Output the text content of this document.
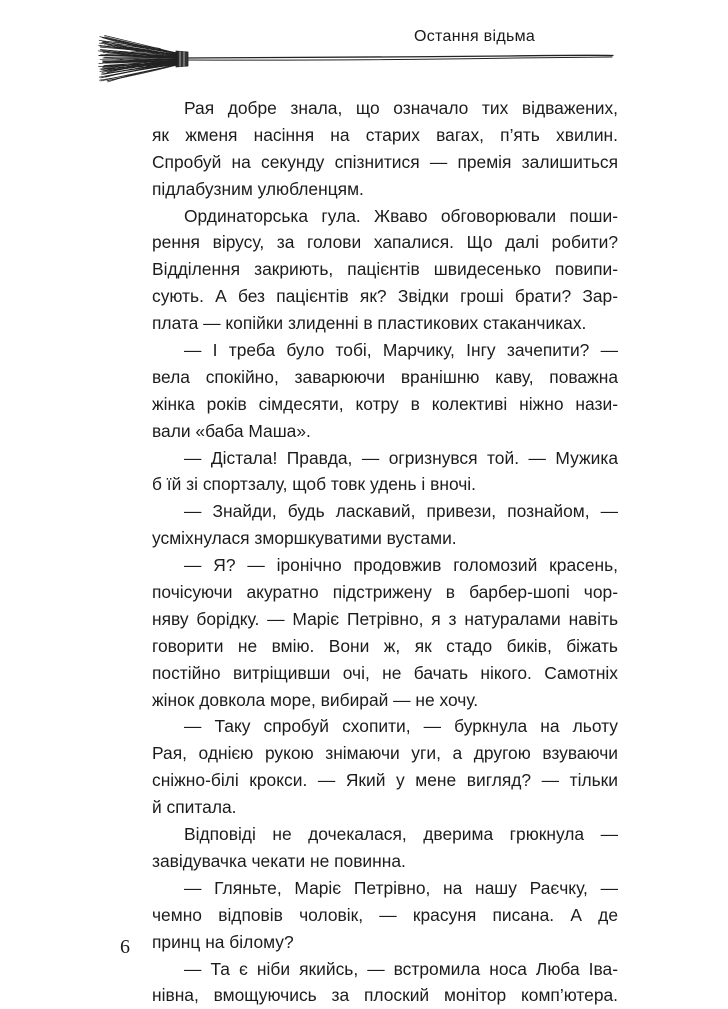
Остання відьма
Рая добре знала, що означало тих відважених,
як жменя насіння на старих вагах, п’ять хвилин.
Спробуй на секунду спізнитися — премія залишиться
підлабузним улюбленцям.
Ординаторська гула. Жваво обговорювали поши-
рення вірусу, за голови хапалися. Що далі робити?
Відділення закриють, пацієнтів швидесенько повипи-
сують. А без пацієнтів як? Звідки гроші брати? Зар-
плата — копійки злиденні в пластикових стаканчиках.
— І треба було тобі, Марчику, Інгу зачепити? —
вела спокійно, заварюючи вранішню каву, поважна
жінка років сімдесяти, котру в колективі ніжно нази-
вали «баба Маша».
— Дістала! Правда, — огризнувся той. — Мужика
б їй зі спортзалу, щоб товк удень і вночі.
— Знайди, будь ласкавий, привези, познайом, —
усміхнулася зморшкуватими вустами.
— Я? — іронічно продовжив голомозий красень,
почісуючи акуратно підстрижену в барбер-шопі чор-
няву борідку. — Маріє Петрівно, я з натуралами навіть
говорити не вмію. Вони ж, як стадо биків, біжать
постійно витріщивши очі, не бачать нікого. Самотніх
жінок довкола море, вибирай — не хочу.
— Таку спробуй схопити, — буркнула на льоту
Рая, однією рукою знімаючи уги, а другою взуваючи
сніжно-білі крокси. — Який у мене вигляд? — тільки
й спитала.
Відповіді не дочекалася, дверима грюкнула —
завідувачка чекати не повинна.
— Гляньте, Маріє Петрівно, на нашу Раєчку, —
чемно відповів чоловік, — красуня писана. А де
принц на білому?
— Та є ніби якийсь, — встромила носа Люба Іва-
нівна, вмощуючись за плоский монітор комп’ютера.
6
